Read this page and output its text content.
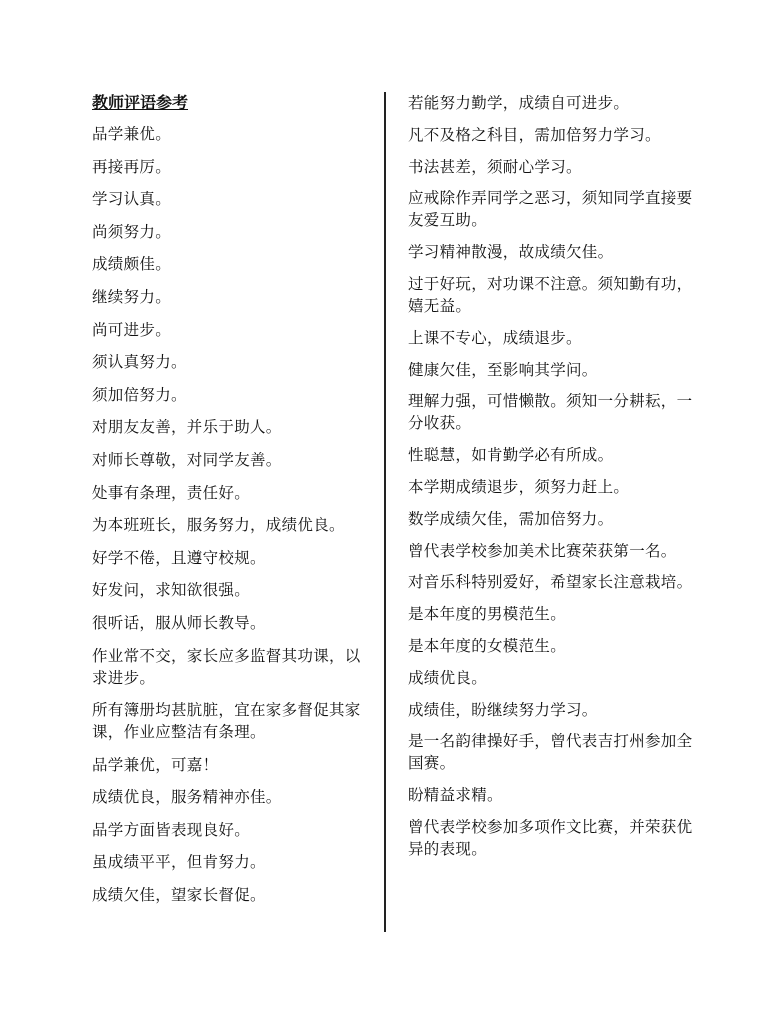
教师评语参考
品学兼优。
再接再厉。
学习认真。
尚须努力。
成绩颇佳。
继续努力。
尚可进步。
须认真努力。
须加倍努力。
对朋友友善，并乐于助人。
对师长尊敬，对同学友善。
处事有条理，责任好。
为本班班长，服务努力，成绩优良。
好学不倦，且遵守校规。
好发问，求知欲很强。
很听话，服从师长教导。
作业常不交，家长应多监督其功课，以求进步。
所有簿册均甚肮脏，宜在家多督促其家课，作业应整洁有条理。
品学兼优，可嘉！
成绩优良，服务精神亦佳。
品学方面皆表现良好。
虽成绩平平，但肯努力。
成绩欠佳，望家长督促。
若能努力勤学，成绩自可进步。
凡不及格之科目，需加倍努力学习。
书法甚差，须耐心学习。
应戒除作弄同学之恶习，须知同学直接要友爱互助。
学习精神散漫，故成绩欠佳。
过于好玩，对功课不注意。须知勤有功，嬉无益。
上课不专心，成绩退步。
健康欠佳，至影响其学问。
理解力强，可惜懒散。须知一分耕耘，一分收获。
性聪慧，如肯勤学必有所成。
本学期成绩退步，须努力赶上。
数学成绩欠佳，需加倍努力。
曾代表学校参加美术比赛荣获第一名。
对音乐科特别爱好，希望家长注意栽培。
是本年度的男模范生。
是本年度的女模范生。
成绩优良。
成绩佳，盼继续努力学习。
是一名韵律操好手，曾代表吉打州参加全国赛。
盼精益求精。
曾代表学校参加多项作文比赛，并荣获优异的表现。
